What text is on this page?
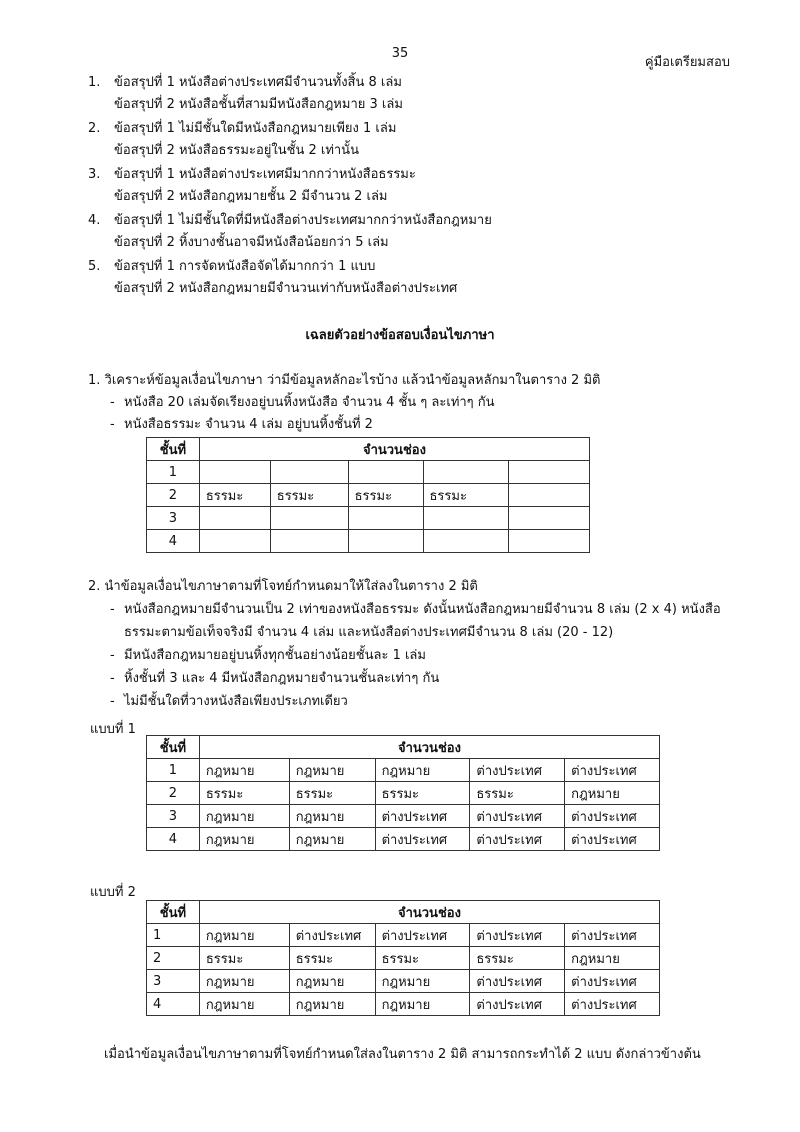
35
คู่มือเตรียมสอบ
1. ข้อสรุปที่ 1 หนังสือต่างประเทศมีจำนวนทั้งสิ้น 8 เล่ม
ข้อสรุปที่ 2 หนังสือชั้นที่สามมีหนังสือกฎหมาย 3 เล่ม
2. ข้อสรุปที่ 1 ไม่มีชั้นใดมีหนังสือกฎหมายเพียง 1 เล่ม
ข้อสรุปที่ 2 หนังสือธรรมะอยู่ในชั้น 2 เท่านั้น
3. ข้อสรุปที่ 1 หนังสือต่างประเทศมีมากกว่าหนังสือธรรมะ
ข้อสรุปที่ 2 หนังสือกฎหมายชั้น 2 มีจำนวน 2 เล่ม
4. ข้อสรุปที่ 1 ไม่มีชั้นใดที่มีหนังสือต่างประเทศมากกว่าหนังสือกฎหมาย
ข้อสรุปที่ 2 หิ้งบางชั้นอาจมีหนังสือน้อยกว่า 5 เล่ม
5. ข้อสรุปที่ 1 การจัดหนังสือจัดได้มากกว่า 1 แบบ
ข้อสรุปที่ 2 หนังสือกฎหมายมีจำนวนเท่ากับหนังสือต่างประเทศ
เฉลยตัวอย่างข้อสอบเงื่อนไขภาษา
1. วิเคราะห์ข้อมูลเงื่อนไขภาษา ว่ามีข้อมูลหลักอะไรบ้าง แล้วนำข้อมูลหลักมาในตาราง 2 มิติ
- หนังสือ 20 เล่มจัดเรียงอยู่บนหิ้งหนังสือ จำนวน 4 ชั้น ๆ ละเท่าๆ กัน
- หนังสือธรรมะ จำนวน 4 เล่ม อยู่บนหิ้งชั้นที่ 2
ชั้นที่	จำนวนช่อง				
1					
2	ธรรมะ	ธรรมะ	ธรรมะ	ธรรมะ	
3					
4					
2. นำข้อมูลเงื่อนไขภาษาตามที่โจทย์กำหนดมาให้ใส่ลงในตาราง 2 มิติ
- หนังสือกฎหมายมีจำนวนเป็น 2 เท่าของหนังสือธรรมะ ดังนั้นหนังสือกฎหมายมีจำนวน 8 เล่ม (2 x 4) หนังสือ
ธรรมะตามข้อเท็จจริงมี จำนวน 4 เล่ม และหนังสือต่างประเทศมีจำนวน 8 เล่ม (20 - 12)
- มีหนังสือกฎหมายอยู่บนหิ้งทุกชั้นอย่างน้อยชั้นละ 1 เล่ม
- หิ้งชั้นที่ 3 และ 4 มีหนังสือกฎหมายจำนวนชั้นละเท่าๆ กัน
- ไม่มีชั้นใดที่วางหนังสือเพียงประเภทเดียว
แบบที่ 1
ชั้นที่	จำนวนช่อง				
1	กฎหมาย	กฎหมาย	กฎหมาย	ต่างประเทศ	ต่างประเทศ
2	ธรรมะ	ธรรมะ	ธรรมะ	ธรรมะ	กฎหมาย
3	กฎหมาย	กฎหมาย	ต่างประเทศ	ต่างประเทศ	ต่างประเทศ
4	กฎหมาย	กฎหมาย	ต่างประเทศ	ต่างประเทศ	ต่างประเทศ
แบบที่ 2
ชั้นที่	จำนวนช่อง				
1	กฎหมาย	ต่างประเทศ	ต่างประเทศ	ต่างประเทศ	ต่างประเทศ
2	ธรรมะ	ธรรมะ	ธรรมะ	ธรรมะ	กฎหมาย
3	กฎหมาย	กฎหมาย	กฎหมาย	ต่างประเทศ	ต่างประเทศ
4	กฎหมาย	กฎหมาย	กฎหมาย	ต่างประเทศ	ต่างประเทศ
เมื่อนำข้อมูลเงื่อนไขภาษาตามที่โจทย์กำหนดใส่ลงในตาราง 2 มิติ สามารถกระทำได้ 2 แบบ ดังกล่าวข้างต้น
